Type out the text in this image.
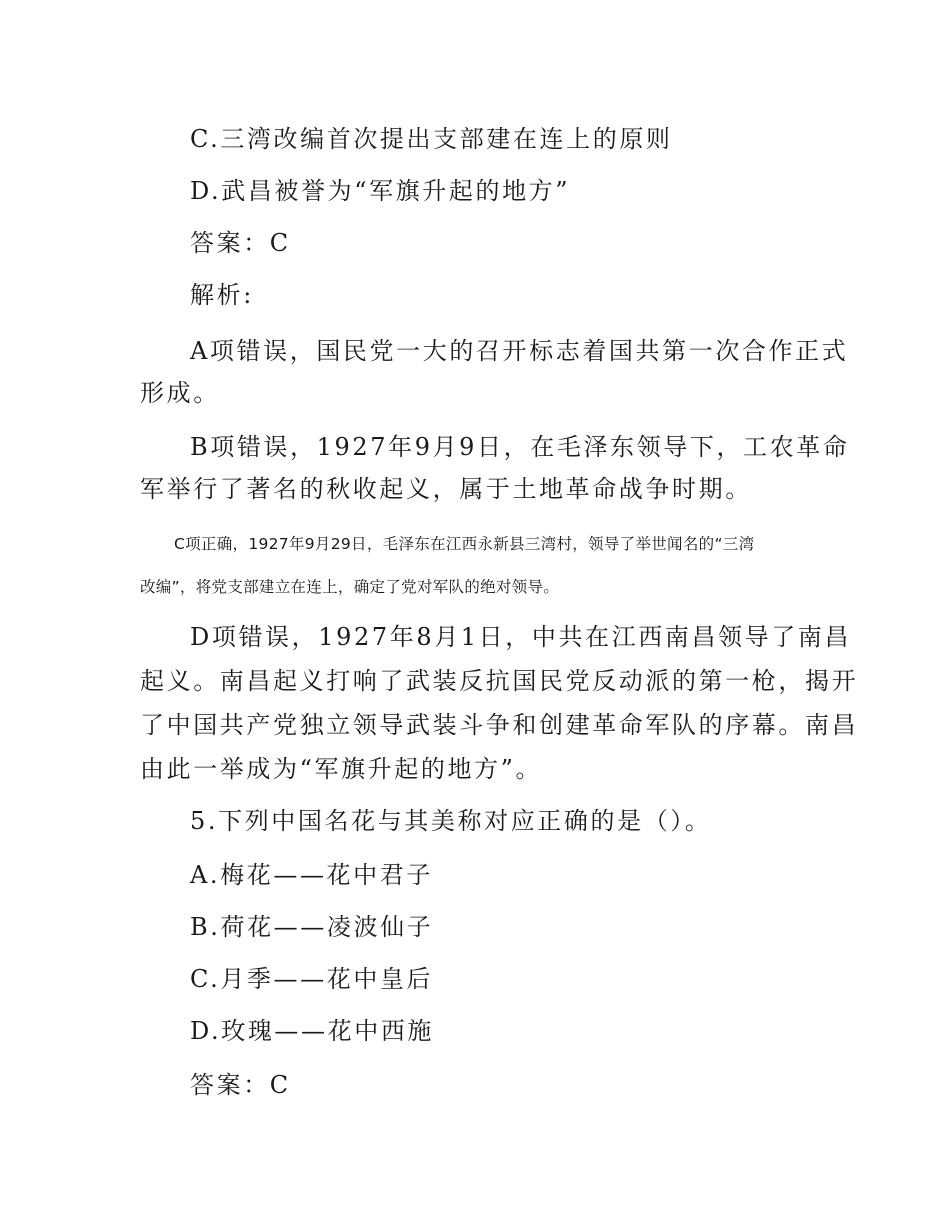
C.三湾改编首次提出支部建在连上的原则
D.武昌被誉为“军旗升起的地方”
答案：C
解析:
A项错误，国民党一大的召开标志着国共第一次合作正式
形成。
B项错误，1927年9月9日，在毛泽东领导下，工农革命
军举行了著名的秋收起义，属于土地革命战争时期。
C项正确，1927年9月29日，毛泽东在江西永新县三湾村，领导了举世闻名的“三湾
改编”，将党支部建立在连上，确定了党对军队的绝对领导。
D项错误，1927年8月1日，中共在江西南昌领导了南昌
起义。南昌起义打响了武装反抗国民党反动派的第一枪，揭开
了中国共产党独立领导武装斗争和创建革命军队的序幕。南昌
由此一举成为“军旗升起的地方”。
5.下列中国名花与其美称对应正确的是（）。
A.梅花——花中君子
B.荷花——凌波仙子
C.月季——花中皇后
D.玫瑰——花中西施
答案：C
